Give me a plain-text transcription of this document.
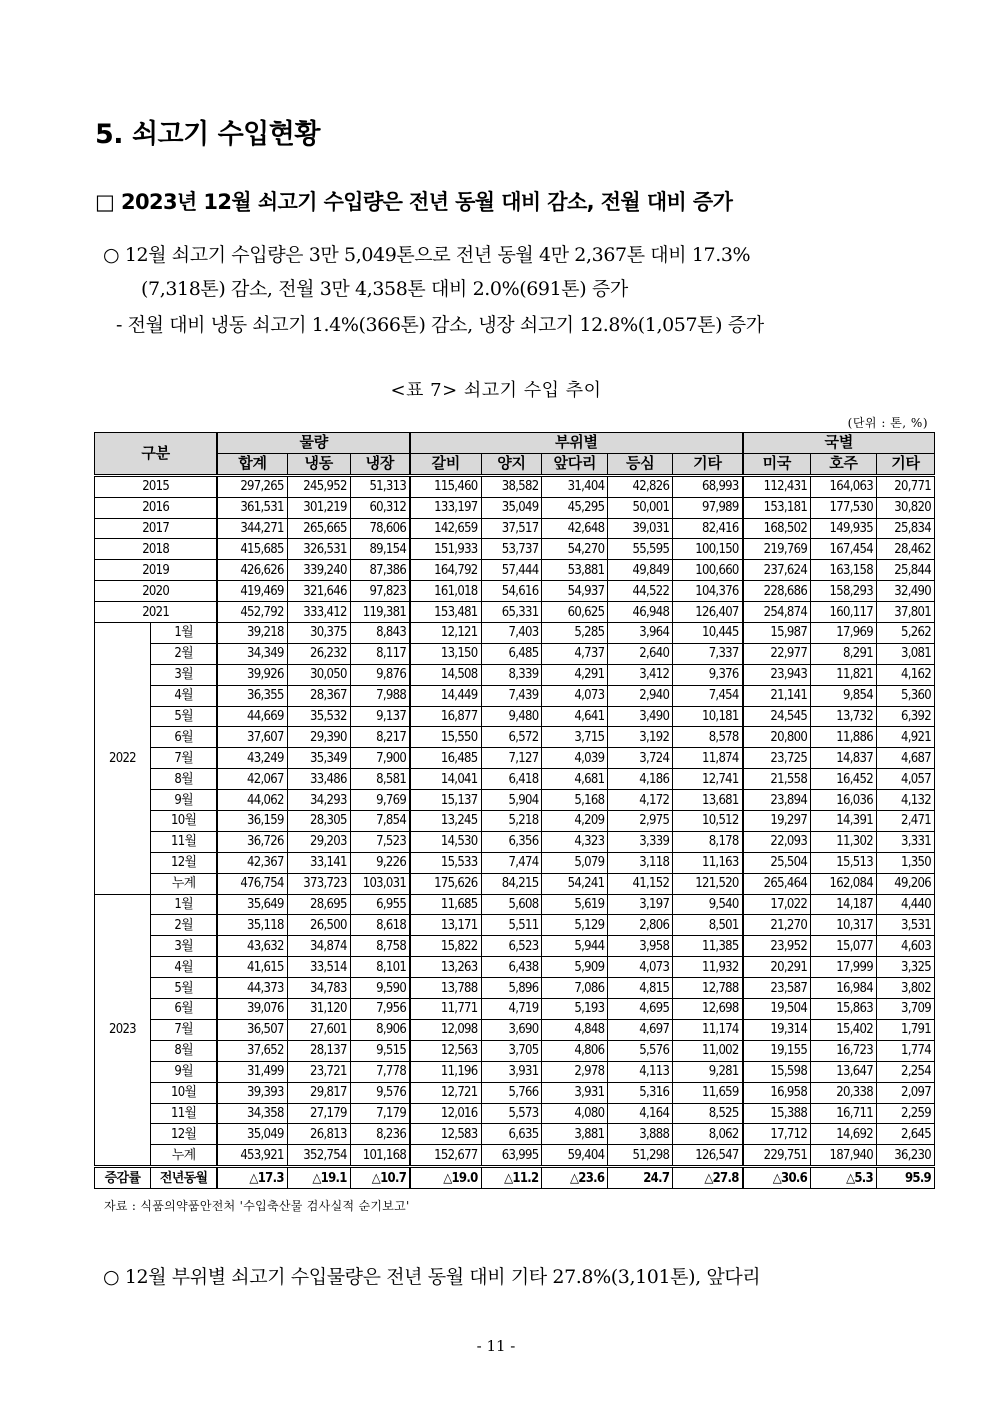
5. 쇠고기 수입현황
□ 2023년 12월 쇠고기 수입량은 전년 동월 대비 감소, 전월 대비 증가
○ 12월 쇠고기 수입량은 3만 5,049톤으로 전년 동월 4만 2,367톤 대비 17.3%
(7,318톤) 감소, 전월 3만 4,358톤 대비 2.0%(691톤) 증가
- 전월 대비 냉동 쇠고기 1.4%(366톤) 감소, 냉장 쇠고기 12.8%(1,057톤) 증가
<표 7> 쇠고기 수입 추이
(단위 : 톤, %)
구분		물량			부위별					국별		
		합계	냉동	냉장	갈비	양지	앞다리	등심	기타	미국	호주	기타
2015		297,265	245,952	51,313	115,460	38,582	31,404	42,826	68,993	112,431	164,063	20,771
2016		361,531	301,219	60,312	133,197	35,049	45,295	50,001	97,989	153,181	177,530	30,820
2017		344,271	265,665	78,606	142,659	37,517	42,648	39,031	82,416	168,502	149,935	25,834
2018		415,685	326,531	89,154	151,933	53,737	54,270	55,595	100,150	219,769	167,454	28,462
2019		426,626	339,240	87,386	164,792	57,444	53,881	49,849	100,660	237,624	163,158	25,844
2020		419,469	321,646	97,823	161,018	54,616	54,937	44,522	104,376	228,686	158,293	32,490
2021		452,792	333,412	119,381	153,481	65,331	60,625	46,948	126,407	254,874	160,117	37,801
2022	1월	39,218	30,375	8,843	12,121	7,403	5,285	3,964	10,445	15,987	17,969	5,262
	2월	34,349	26,232	8,117	13,150	6,485	4,737	2,640	7,337	22,977	8,291	3,081
	3월	39,926	30,050	9,876	14,508	8,339	4,291	3,412	9,376	23,943	11,821	4,162
	4월	36,355	28,367	7,988	14,449	7,439	4,073	2,940	7,454	21,141	9,854	5,360
	5월	44,669	35,532	9,137	16,877	9,480	4,641	3,490	10,181	24,545	13,732	6,392
	6월	37,607	29,390	8,217	15,550	6,572	3,715	3,192	8,578	20,800	11,886	4,921
	7월	43,249	35,349	7,900	16,485	7,127	4,039	3,724	11,874	23,725	14,837	4,687
	8월	42,067	33,486	8,581	14,041	6,418	4,681	4,186	12,741	21,558	16,452	4,057
	9월	44,062	34,293	9,769	15,137	5,904	5,168	4,172	13,681	23,894	16,036	4,132
	10월	36,159	28,305	7,854	13,245	5,218	4,209	2,975	10,512	19,297	14,391	2,471
	11월	36,726	29,203	7,523	14,530	6,356	4,323	3,339	8,178	22,093	11,302	3,331
	12월	42,367	33,141	9,226	15,533	7,474	5,079	3,118	11,163	25,504	15,513	1,350
	누계	476,754	373,723	103,031	175,626	84,215	54,241	41,152	121,520	265,464	162,084	49,206
2023	1월	35,649	28,695	6,955	11,685	5,608	5,619	3,197	9,540	17,022	14,187	4,440
	2월	35,118	26,500	8,618	13,171	5,511	5,129	2,806	8,501	21,270	10,317	3,531
	3월	43,632	34,874	8,758	15,822	6,523	5,944	3,958	11,385	23,952	15,077	4,603
	4월	41,615	33,514	8,101	13,263	6,438	5,909	4,073	11,932	20,291	17,999	3,325
	5월	44,373	34,783	9,590	13,788	5,896	7,086	4,815	12,788	23,587	16,984	3,802
	6월	39,076	31,120	7,956	11,771	4,719	5,193	4,695	12,698	19,504	15,863	3,709
	7월	36,507	27,601	8,906	12,098	3,690	4,848	4,697	11,174	19,314	15,402	1,791
	8월	37,652	28,137	9,515	12,563	3,705	4,806	5,576	11,002	19,155	16,723	1,774
	9월	31,499	23,721	7,778	11,196	3,931	2,978	4,113	9,281	15,598	13,647	2,254
	10월	39,393	29,817	9,576	12,721	5,766	3,931	5,316	11,659	16,958	20,338	2,097
	11월	34,358	27,179	7,179	12,016	5,573	4,080	4,164	8,525	15,388	16,711	2,259
	12월	35,049	26,813	8,236	12,583	6,635	3,881	3,888	8,062	17,712	14,692	2,645
	누계	453,921	352,754	101,168	152,677	63,995	59,404	51,298	126,547	229,751	187,940	36,230
증감률	전년동월	△17.3	△19.1	△10.7	△19.0	△11.2	△23.6	24.7	△27.8	△30.6	△5.3	95.9
자료 : 식품의약품안전처 '수입축산물 검사실적 순기보고'
○ 12월 부위별 쇠고기 수입물량은 전년 동월 대비 기타 27.8%(3,101톤), 앞다리
- 11 -
